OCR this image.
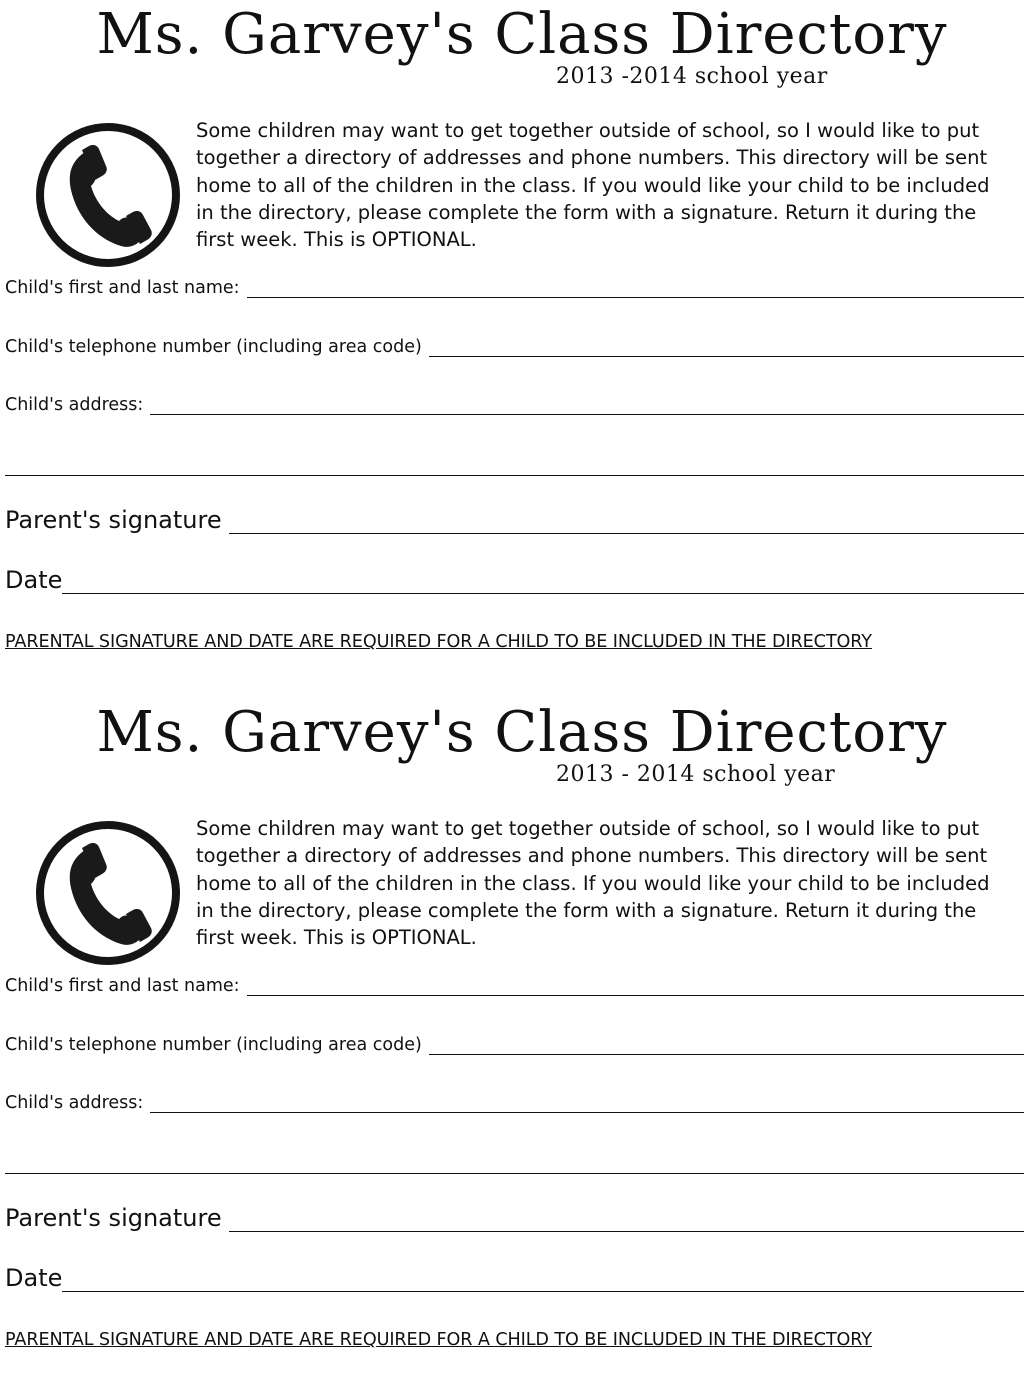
Ms. Garvey's Class Directory
2013 -2014 school year

Some children may want to get together outside of school, so I would like to put together a directory of addresses and phone numbers. This directory will be sent home to all of the children in the class. If you would like your child to be included in the directory, please complete the form with a signature. Return it during the first week. This is OPTIONAL.

Child's first and last name:
Child's telephone number (including area code)
Child's address:
Parent's signature
Date
PARENTAL SIGNATURE AND DATE ARE REQUIRED FOR A CHILD TO BE INCLUDED IN THE DIRECTORY
Ms. Garvey's Class Directory
2013 - 2014 school year

Some children may want to get together outside of school, so I would like to put together a directory of addresses and phone numbers. This directory will be sent home to all of the children in the class. If you would like your child to be included in the directory, please complete the form with a signature. Return it during the first week. This is OPTIONAL.

Child's first and last name:
Child's telephone number (including area code)
Child's address:
Parent's signature
Date
PARENTAL SIGNATURE AND DATE ARE REQUIRED FOR A CHILD TO BE INCLUDED IN THE DIRECTORY
